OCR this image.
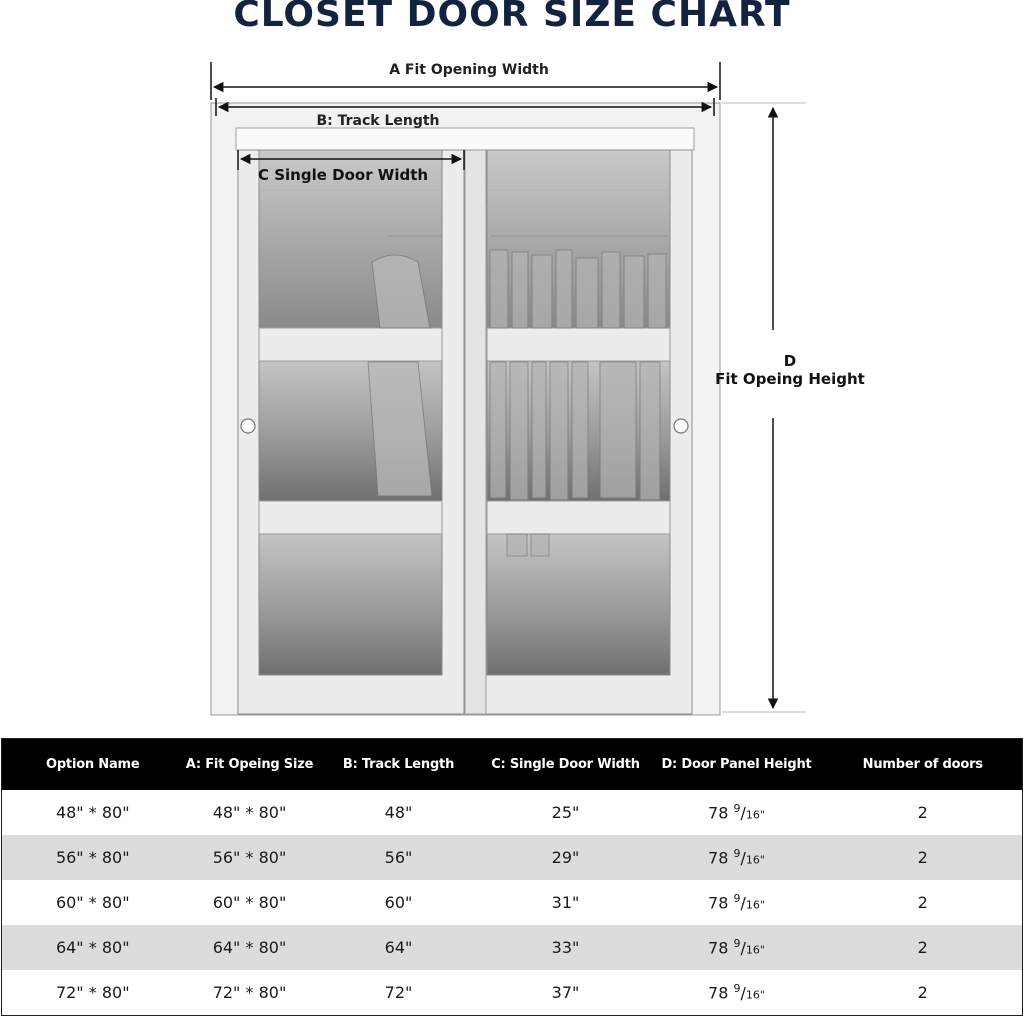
CLOSET DOOR SIZE CHART
A Fit Opening Width
B: Track Length
C Single Door Width
D
Fit Opeing Height
Option Name	A: Fit Opeing Size	B: Track Length	C: Single Door Width	D: Door Panel Height	Number of doors
48" * 80"	48" * 80"	48"	25"	78 $^9$/16"	2
56" * 80"	56" * 80"	56"	29"	78 $^9$/16"	2
60" * 80"	60" * 80"	60"	31"	78 $^9$/16"	2
64" * 80"	64" * 80"	64"	33"	78 $^9$/16"	2
72" * 80"	72" * 80"	72"	37"	78 $^9$/16"	2
